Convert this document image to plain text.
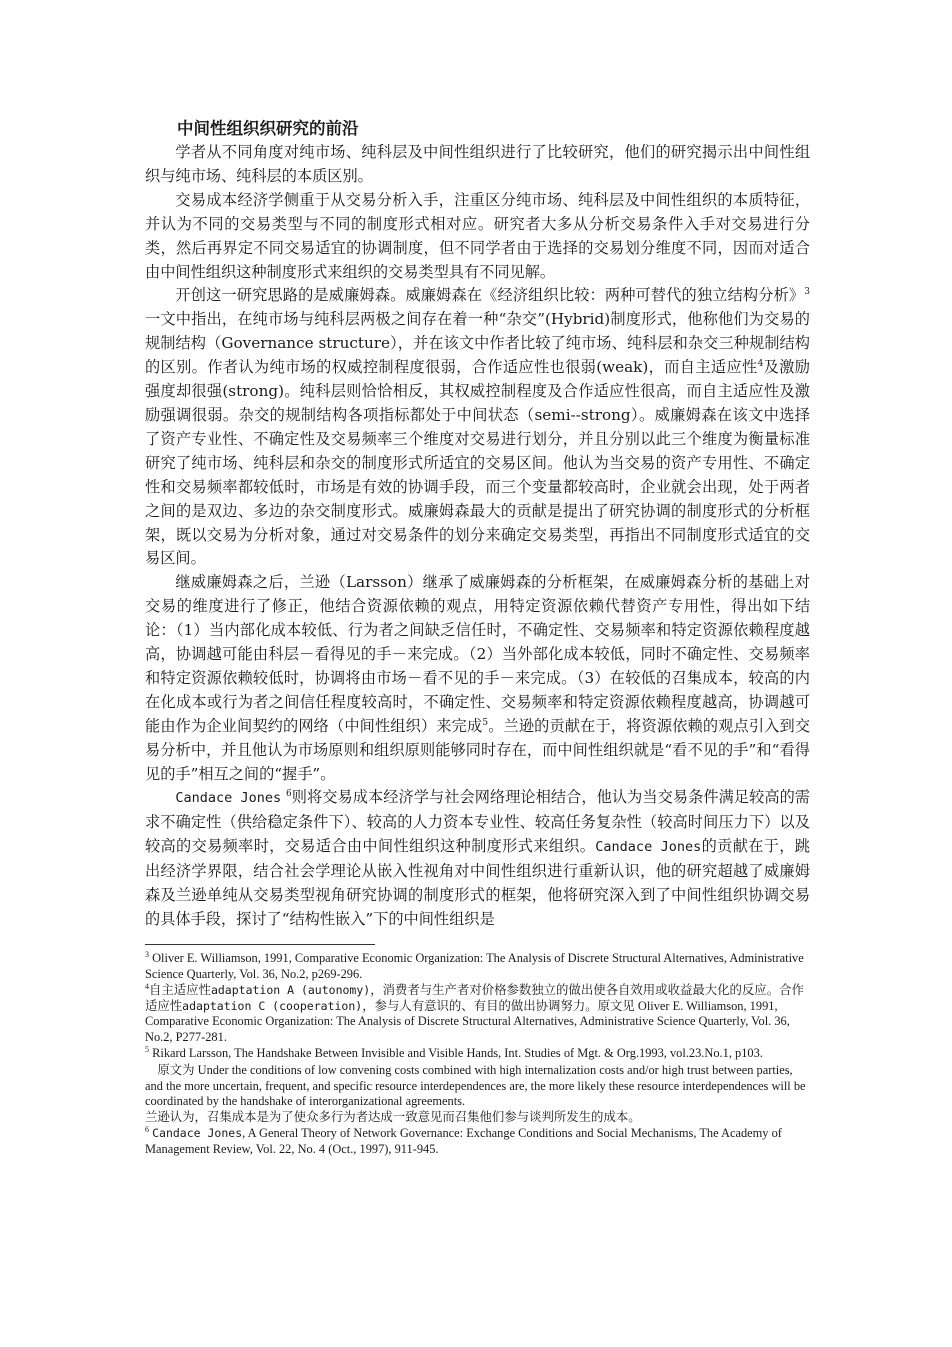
中间性组织织研究的前沿

学者从不同角度对纯市场、纯科层及中间性组织进行了比较研究，他们的研究揭示出中间性组织与纯市场、纯科层的本质区别。

交易成本经济学侧重于从交易分析入手，注重区分纯市场、纯科层及中间性组织的本质特征，并认为不同的交易类型与不同的制度形式相对应。研究者大多从分析交易条件入手对交易进行分类，然后再界定不同交易适宜的协调制度，但不同学者由于选择的交易划分维度不同，因而对适合由中间性组织这种制度形式来组织的交易类型具有不同见解。

开创这一研究思路的是威廉姆森。威廉姆森在《经济组织比较：两种可替代的独立结构分析》$^3$一文中指出，在纯市场与纯科层两极之间存在着一种“杂交”(Hybrid)制度形式，他称他们为交易的规制结构（Governance structure），并在该文中作者比较了纯市场、纯科层和杂交三种规制结构的区别。作者认为纯市场的权威控制程度很弱，合作适应性也很弱(weak)，而自主适应性$^4$及激励强度却很强(strong)。纯科层则恰恰相反，其权威控制程度及合作适应性很高，而自主适应性及激励强调很弱。杂交的规制结构各项指标都处于中间状态（semi--strong）。威廉姆森在该文中选择了资产专业性、不确定性及交易频率三个维度对交易进行划分，并且分别以此三个维度为衡量标准研究了纯市场、纯科层和杂交的制度形式所适宜的交易区间。他认为当交易的资产专用性、不确定性和交易频率都较低时，市场是有效的协调手段，而三个变量都较高时，企业就会出现，处于两者之间的是双边、多边的杂交制度形式。威廉姆森最大的贡献是提出了研究协调的制度形式的分析框架，既以交易为分析对象，通过对交易条件的划分来确定交易类型，再指出不同制度形式适宜的交易区间。

继威廉姆森之后，兰逊（Larsson）继承了威廉姆森的分析框架，在威廉姆森分析的基础上对交易的维度进行了修正，他结合资源依赖的观点，用特定资源依赖代替资产专用性，得出如下结论：（1）当内部化成本较低、行为者之间缺乏信任时，不确定性、交易频率和特定资源依赖程度越高，协调越可能由科层－看得见的手－来完成。（2）当外部化成本较低，同时不确定性、交易频率和特定资源依赖较低时，协调将由市场－看不见的手－来完成。（3）在较低的召集成本，较高的内在化成本或行为者之间信任程度较高时，不确定性、交易频率和特定资源依赖程度越高，协调越可能由作为企业间契约的网络（中间性组织）来完成$^5$。兰逊的贡献在于，将资源依赖的观点引入到交易分析中，并且他认为市场原则和组织原则能够同时存在，而中间性组织就是“看不见的手”和“看得见的手”相互之间的“握手”。

Candace Jones $^6$则将交易成本经济学与社会网络理论相结合，他认为当交易条件满足较高的需求不确定性（供给稳定条件下）、较高的人力资本专业性、较高任务复杂性（较高时间压力下）以及较高的交易频率时，交易适合由中间性组织这种制度形式来组织。Candace Jones的贡献在于，跳出经济学界限，结合社会学理论从嵌入性视角对中间性组织进行重新认识，他的研究超越了威廉姆森及兰逊单纯从交易类型视角研究协调的制度形式的框架，他将研究深入到了中间性组织协调交易的具体手段，探讨了“结构性嵌入”下的中间性组织是

$^3$ Oliver E. Williamson, 1991, Comparative Economic Organization: The Analysis of Discrete Structural Alternatives, Administrative Science Quarterly, Vol. 36, No.2, p269-296.

$^4$自主适应性adaptation A (autonomy)，消费者与生产者对价格参数独立的做出使各自效用或收益最大化的反应。合作适应性adaptation C (cooperation)，参与人有意识的、有目的做出协调努力。原文见 Oliver E. Williamson, 1991, Comparative Economic Organization: The Analysis of Discrete Structural Alternatives, Administrative Science Quarterly, Vol. 36, No.2, P277-281.

$^5$ Rikard Larsson, The Handshake Between Invisible and Visible Hands, Int. Studies of Mgt. & Org.1993, vol.23.No.1, p103.

原文为 Under the conditions of low convening costs combined with high internalization costs and/or high trust between parties, and the more uncertain, frequent, and specific resource interdependences are, the more likely these resource interdependences will be coordinated by the handshake of interorganizational agreements.

兰逊认为，召集成本是为了使众多行为者达成一致意见而召集他们参与谈判所发生的成本。

$^6$ Candace Jones, A General Theory of Network Governance: Exchange Conditions and Social Mechanisms, The Academy of Management Review, Vol. 22, No. 4 (Oct., 1997), 911-945.
